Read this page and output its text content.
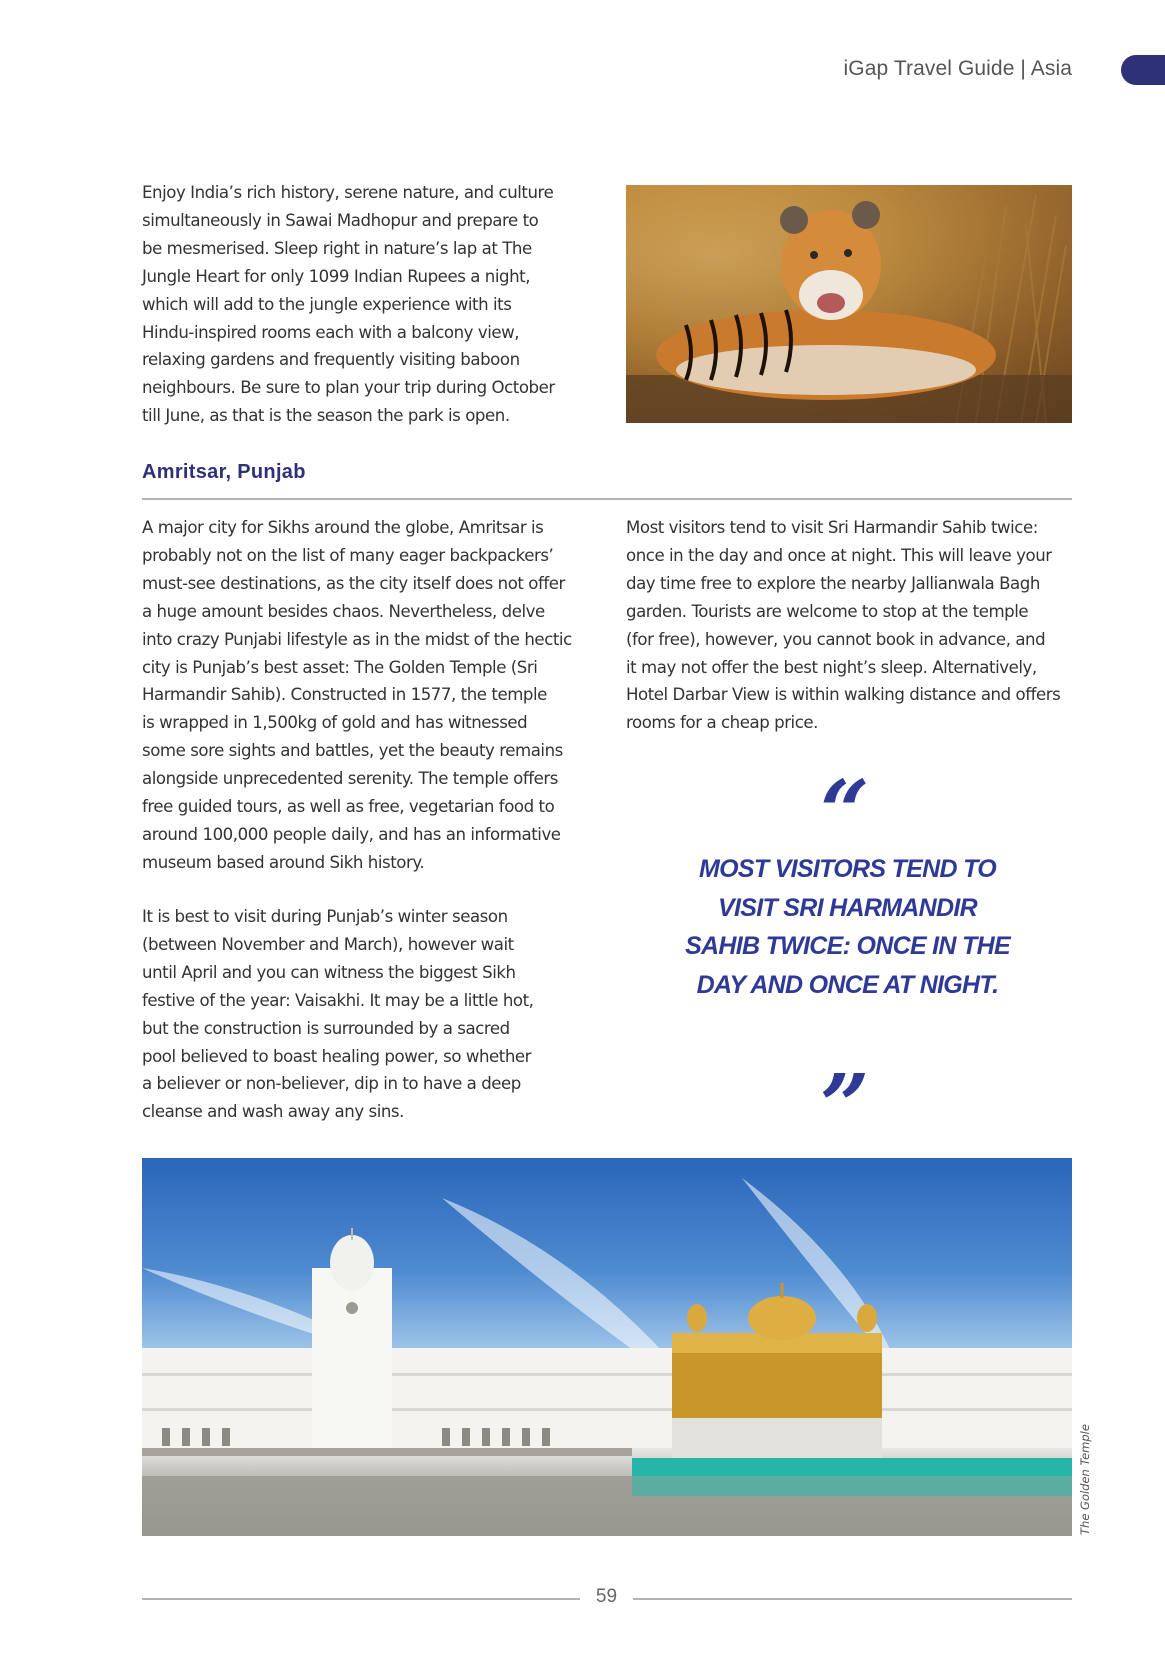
iGap Travel Guide | Asia

Enjoy India’s rich history, serene nature, and culture
simultaneously in Sawai Madhopur and prepare to
be mesmerised. Sleep right in nature’s lap at The
Jungle Heart for only 1099 Indian Rupees a night,
which will add to the jungle experience with its
Hindu-inspired rooms each with a balcony view,
relaxing gardens and frequently visiting baboon
neighbours. Be sure to plan your trip during October
till June, as that is the season the park is open.

Amritsar, Punjab

A major city for Sikhs around the globe, Amritsar is
probably not on the list of many eager backpackers’
must-see destinations, as the city itself does not offer
a huge amount besides chaos. Nevertheless, delve
into crazy Punjabi lifestyle as in the midst of the hectic
city is Punjab’s best asset: The Golden Temple (Sri
Harmandir Sahib). Constructed in 1577, the temple
is wrapped in 1,500kg of gold and has witnessed
some sore sights and battles, yet the beauty remains
alongside unprecedented serenity. The temple offers
free guided tours, as well as free, vegetarian food to
around 100,000 people daily, and has an informative
museum based around Sikh history.

It is best to visit during Punjab’s winter season
(between November and March), however wait
until April and you can witness the biggest Sikh
festive of the year: Vaisakhi. It may be a little hot,
but the construction is surrounded by a sacred
pool believed to boast healing power, so whether
a believer or non-believer, dip in to have a deep
cleanse and wash away any sins.

Most visitors tend to visit Sri Harmandir Sahib twice:
once in the day and once at night. This will leave your
day time free to explore the nearby Jallianwala Bagh
garden. Tourists are welcome to stop at the temple
(for free), however, you cannot book in advance, and
it may not offer the best night’s sleep. Alternatively,
Hotel Darbar View is within walking distance and offers
rooms for a cheap price.

“
MOST VISITORS TEND TO VISIT SRI HARMANDIR SAHIB TWICE: ONCE IN THE DAY AND ONCE AT NIGHT.
”
The Golden Temple
59
